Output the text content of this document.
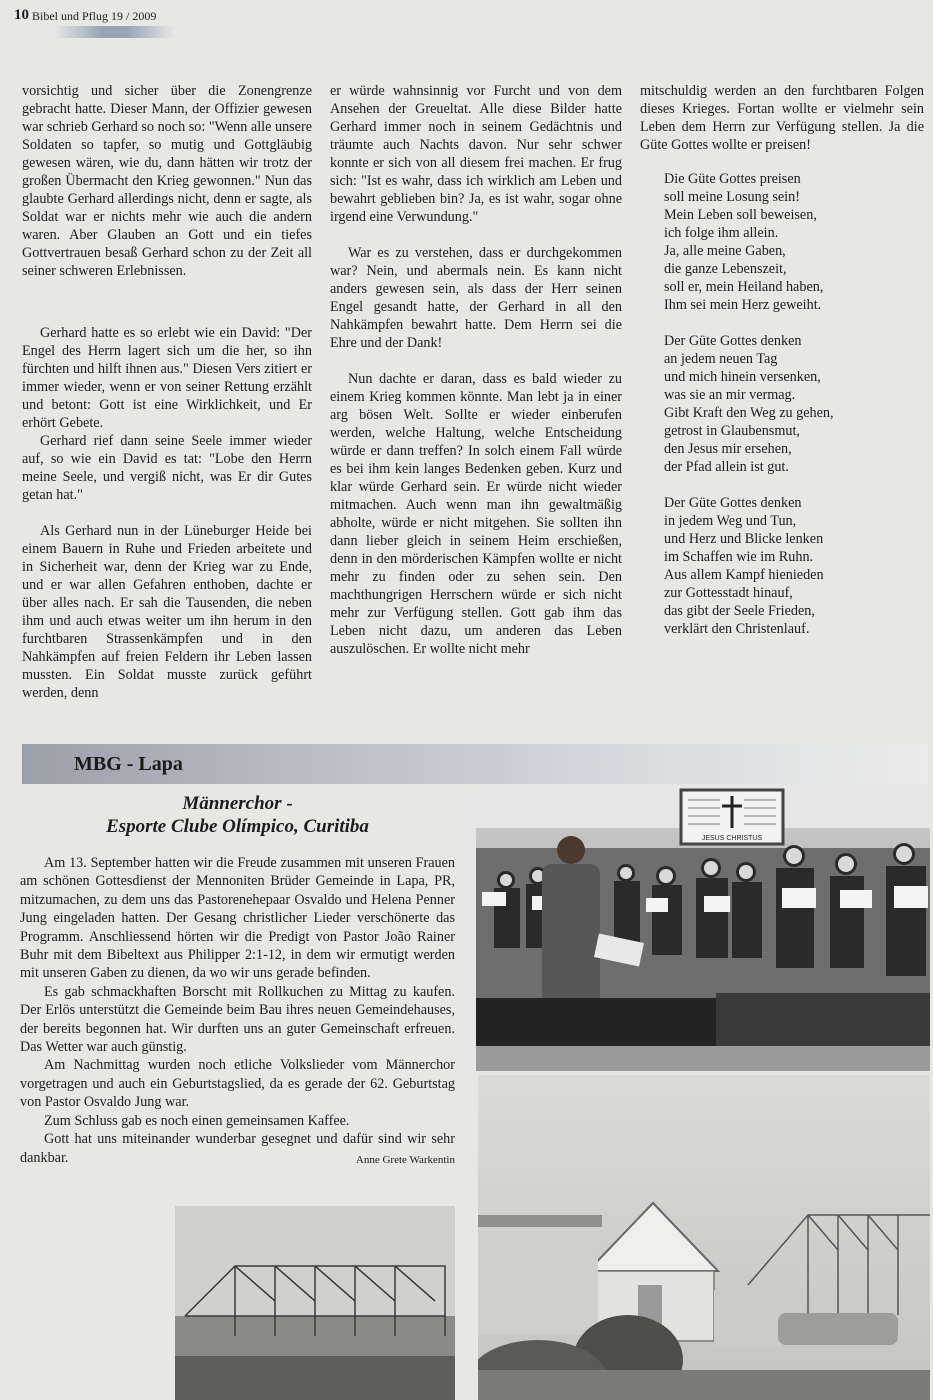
10 Bibel und Pflug 19 / 2009

vorsichtig und sicher über die Zonengrenze gebracht hatte. Dieser Mann, der Offizier gewesen war schrieb Gerhard so noch so: "Wenn alle unsere Soldaten so tapfer, so mutig und Gottgläubig gewesen wären, wie du, dann hätten wir trotz der großen Übermacht den Krieg gewonnen." Nun das glaubte Gerhard allerdings nicht, denn er sagte, als Soldat war er nichts mehr wie auch die andern waren. Aber Glauben an Gott und ein tiefes Gottvertrauen besaß Gerhard schon zu der Zeit all seiner schweren Erlebnissen.

Gerhard hatte es so erlebt wie ein David: "Der Engel des Herrn lagert sich um die her, so ihn fürchten und hilft ihnen aus." Diesen Vers zitiert er immer wieder, wenn er von seiner Rettung erzählt und betont: Gott ist eine Wirklichkeit, und Er erhört Gebete.

Gerhard rief dann seine Seele immer wieder auf, so wie ein David es tat: "Lobe den Herrn meine Seele, und vergiß nicht, was Er dir Gutes getan hat."

Als Gerhard nun in der Lüneburger Heide bei einem Bauern in Ruhe und Frieden arbeitete und in Sicherheit war, denn der Krieg war zu Ende, und er war allen Gefahren enthoben, dachte er über alles nach. Er sah die Tausenden, die neben ihm und auch etwas weiter um ihn herum in den furchtbaren Strassenkämpfen und in den Nahkämpfen auf freien Feldern ihr Leben lassen mussten. Ein Soldat musste zurück geführt werden, denn

er würde wahnsinnig vor Furcht und von dem Ansehen der Greueltat. Alle diese Bilder hatte Gerhard immer noch in seinem Gedächtnis und träumte auch Nachts davon. Nur sehr schwer konnte er sich von all diesem frei machen. Er frug sich: "Ist es wahr, dass ich wirklich am Leben und bewahrt geblieben bin? Ja, es ist wahr, sogar ohne irgend eine Verwundung."

War es zu verstehen, dass er durchgekommen war? Nein, und abermals nein. Es kann nicht anders gewesen sein, als dass der Herr seinen Engel gesandt hatte, der Gerhard in all den Nahkämpfen bewahrt hatte. Dem Herrn sei die Ehre und der Dank!

Nun dachte er daran, dass es bald wieder zu einem Krieg kommen könnte. Man lebt ja in einer arg bösen Welt. Sollte er wieder einberufen werden, welche Haltung, welche Entscheidung würde er dann treffen? In solch einem Fall würde es bei ihm kein langes Bedenken geben. Kurz und klar würde Gerhard sein. Er würde nicht wieder mitmachen. Auch wenn man ihn gewaltmäßig abholte, würde er nicht mitgehen. Sie sollten ihn dann lieber gleich in seinem Heim erschießen, denn in den mörderischen Kämpfen wollte er nicht mehr zu finden oder zu sehen sein. Den machthungrigen Herrschern würde er sich nicht mehr zur Verfügung stellen. Gott gab ihm das Leben nicht dazu, um anderen das Leben auszulöschen. Er wollte nicht mehr

mitschuldig werden an den furchtbaren Folgen dieses Krieges. Fortan wollte er vielmehr sein Leben dem Herrn zur Verfügung stellen. Ja die Güte Gottes wollte er preisen!

Die Güte Gottes preisen
soll meine Losung sein!
Mein Leben soll beweisen,
ich folge ihm allein.
Ja, alle meine Gaben,
die ganze Lebenszeit,
soll er, mein Heiland haben,
Ihm sei mein Herz geweiht.
Der Güte Gottes denken
an jedem neuen Tag
und mich hinein versenken,
was sie an mir vermag.
Gibt Kraft den Weg zu gehen,
getrost in Glaubensmut,
den Jesus mir ersehen,
der Pfad allein ist gut.
Der Güte Gottes denken
in jedem Weg und Tun,
und Herz und Blicke lenken
im Schaffen wie im Ruhn.
Aus allem Kampf hienieden
zur Gottesstadt hinauf,
das gibt der Seele Frieden,
verklärt den Christenlauf.
MBG - Lapa
Männerchor -
Esporte Clube Olímpico, Curitiba

Am 13. September hatten wir die Freude zusammen mit unseren Frauen am schönen Gottesdienst der Mennoniten Brüder Gemeinde in Lapa, PR, mitzumachen, zu dem uns das Pastorenehepaar Osvaldo und Helena Penner Jung eingeladen hatten. Der Gesang christlicher Lieder verschönerte das Programm. Anschliessend hörten wir die Predigt von Pastor João Rainer Buhr mit dem Bibeltext aus Philipper 2:1-12, in dem wir ermutigt werden mit unseren Gaben zu dienen, da wo wir uns gerade befinden.

Es gab schmackhaften Borscht mit Rollkuchen zu Mittag zu kaufen. Der Erlös unterstützt die Gemeinde beim Bau ihres neuen Gemeindehauses, der bereits begonnen hat. Wir durften uns an guter Gemeinschaft erfreuen. Das Wetter war auch günstig.

Am Nachmittag wurden noch etliche Volkslieder vom Männerchor vorgetragen und auch ein Geburtstagslied, da es gerade der 62. Geburtstag von Pastor Osvaldo Jung war.

Zum Schluss gab es noch einen gemeinsamen Kaffee.

Gott hat uns miteinander wunderbar gesegnet und dafür sind wir sehr dankbar.	Anne Grete Warkentin
JESUS CHRISTUS
